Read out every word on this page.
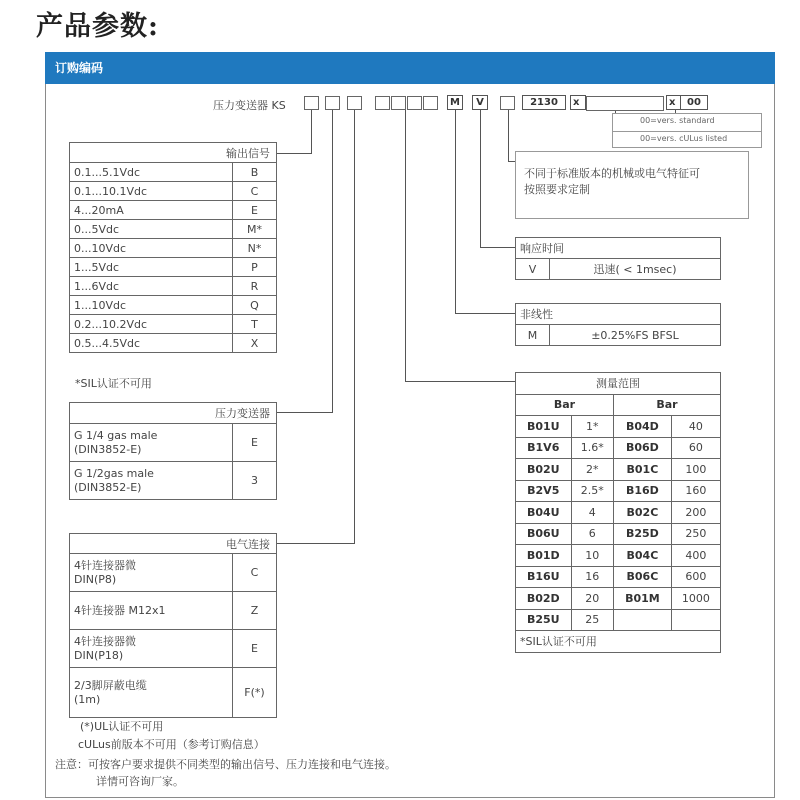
产品参数:
订购编码
压力变送器 KS	M	V	2130	x	x	00
00=vers. standard
00=vers. cULus listed
不同于标准版本的机械或电气特征可
按照要求定制
输出信号	
0.1...5.1Vdc	B
0.1...10.1Vdc	C
4...20mA	E
0...5Vdc	M*
0...10Vdc	N*
1...5Vdc	P
1...6Vdc	R
1...10Vdc	Q
0.2...10.2Vdc	T
0.5...4.5Vdc	X
*SIL认证不可用
压力变送器	

G 1/4 gas male
(DIN3852-E)	E

G 1/2gas male
(DIN3852-E)	3
电气连接	

4针连接器微
DIN(P8)	C

4针连接器 M12x1	Z

4针连接器微
DIN(P18)	E

2/3脚屏蔽电缆
(1m)	F(*)
(*)UL认证不可用
cULus前版本不可用（参考订购信息）
响应时间
V	迅速( < 1msec)
非线性
M	±0.25%FS BFSL
测量范围			
Bar		Bar	
B01U	1*	B04D	40
B1V6	1.6*	B06D	60
B02U	2*	B01C	100
B2V5	2.5*	B16D	160
B04U	4	B02C	200
B06U	6	B25D	250
B01D	10	B04C	400
B16U	16	B06C	600
B02D	20	B01M	1000
B25U	25		
*SIL认证不可用			
注意：可按客户要求提供不同类型的输出信号、压力连接和电气连接。
详情可咨询厂家。
